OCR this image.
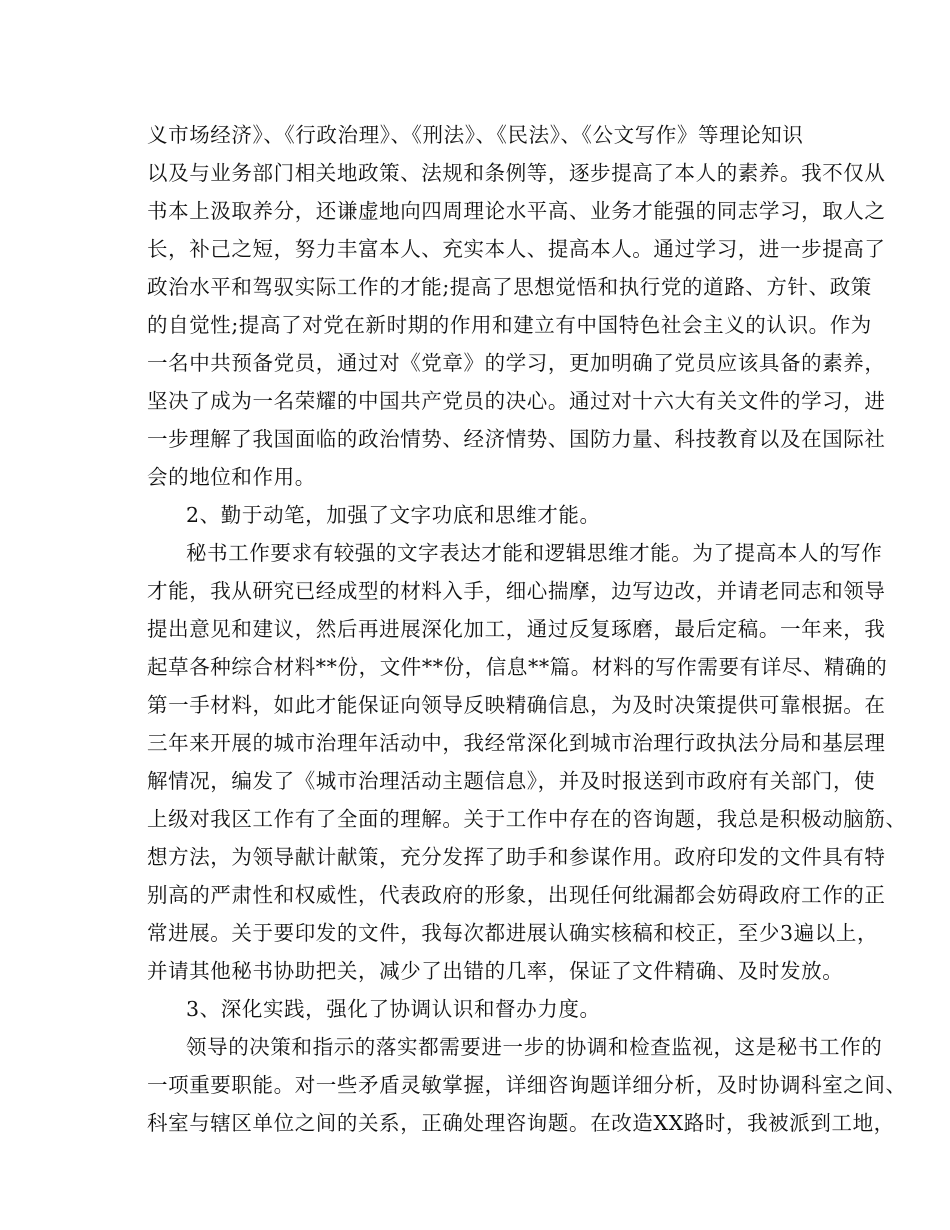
义市场经济》、《行政治理》、《刑法》、《民法》、《公文写作》等理论知识
以及与业务部门相关地政策、法规和条例等，逐步提高了本人的素养。我不仅从
书本上汲取养分，还谦虚地向四周理论水平高、业务才能强的同志学习，取人之
长，补己之短，努力丰富本人、充实本人、提高本人。通过学习，进一步提高了
政治水平和驾驭实际工作的才能;提高了思想觉悟和执行党的道路、方针、政策
的自觉性;提高了对党在新时期的作用和建立有中国特色社会主义的认识。作为
一名中共预备党员，通过对《党章》的学习，更加明确了党员应该具备的素养，
坚决了成为一名荣耀的中国共产党员的决心。通过对十六大有关文件的学习，进
一步理解了我国面临的政治情势、经济情势、国防力量、科技教育以及在国际社
会的地位和作用。
2、勤于动笔，加强了文字功底和思维才能。
秘书工作要求有较强的文字表达才能和逻辑思维才能。为了提高本人的写作
才能，我从研究已经成型的材料入手，细心揣摩，边写边改，并请老同志和领导
提出意见和建议，然后再进展深化加工，通过反复琢磨，最后定稿。一年来，我
起草各种综合材料**份，文件**份，信息**篇。材料的写作需要有详尽、精确的
第一手材料，如此才能保证向领导反映精确信息，为及时决策提供可靠根据。在
三年来开展的城市治理年活动中，我经常深化到城市治理行政执法分局和基层理
解情况，编发了《城市治理活动主题信息》，并及时报送到市政府有关部门，使
上级对我区工作有了全面的理解。关于工作中存在的咨询题，我总是积极动脑筋、
想方法，为领导献计献策，充分发挥了助手和参谋作用。政府印发的文件具有特
别高的严肃性和权威性，代表政府的形象，出现任何纰漏都会妨碍政府工作的正
常进展。关于要印发的文件，我每次都进展认确实核稿和校正，至少3遍以上，
并请其他秘书协助把关，减少了出错的几率，保证了文件精确、及时发放。
3、深化实践，强化了协调认识和督办力度。
领导的决策和指示的落实都需要进一步的协调和检查监视，这是秘书工作的
一项重要职能。对一些矛盾灵敏掌握，详细咨询题详细分析，及时协调科室之间、
科室与辖区单位之间的关系，正确处理咨询题。在改造XX路时，我被派到工地，
